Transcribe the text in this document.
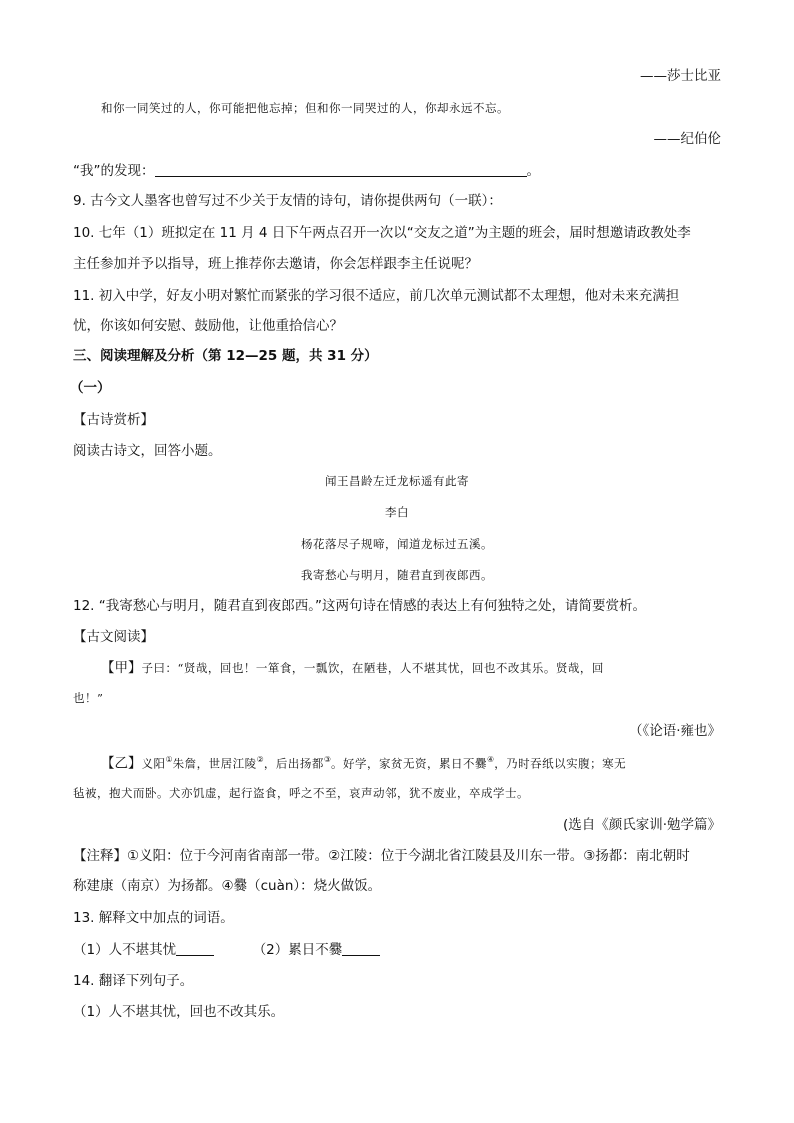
——莎士比亚
和你一同笑过的人，你可能把他忘掉；但和你一同哭过的人，你却永远不忘。
——纪伯伦
“我”的发现：	。
9. 古今文人墨客也曾写过不少关于友情的诗句，请你提供两句（一联）：
10. 七年（1）班拟定在 11 月 4 日下午两点召开一次以“交友之道”为主题的班会，届时想邀请政教处李
主任参加并予以指导，班上推荐你去邀请，你会怎样跟李主任说呢？
11. 初入中学，好友小明对繁忙而紧张的学习很不适应，前几次单元测试都不太理想，他对未来充满担
忧，你该如何安慰、鼓励他，让他重拾信心？
三、阅读理解及分析（第 12—25 题，共 31 分）
（一）
【古诗赏析】
阅读古诗文，回答小题。
闻王昌龄左迁龙标遥有此寄
李白
杨花落尽子规啼，闻道龙标过五溪。
我寄愁心与明月，随君直到夜郎西。
12. “我寄愁心与明月，随君直到夜郎西。”这两句诗在情感的表达上有何独特之处，请简要赏析。
【古文阅读】
【甲】子曰：“贤哉，回也！一箪食，一瓢饮，在陋巷，人不堪其忧，回也不改其乐。贤哉，回
也！”
（《论语·雍也》
【乙】义阳①朱詹，世居江陵②，后出扬都③。好学，家贫无资，累日不爨④，乃时吞纸以实腹；寒无
毡被，抱犬而卧。犬亦饥虚，起行盗食，呼之不至，哀声动邻，犹不废业，卒成学士。
(选自《颜氏家训·勉学篇》
【注释】①义阳：位于今河南省南部一带。②江陵：位于今湖北省江陵县及川东一带。③扬都：南北朝时
称建康（南京）为扬都。④爨（cuàn）：烧火做饭。
13. 解释文中加点的词语。
（1）人不堪其忧	（2）累日不爨
14. 翻译下列句子。
（1）人不堪其忧，回也不改其乐。
